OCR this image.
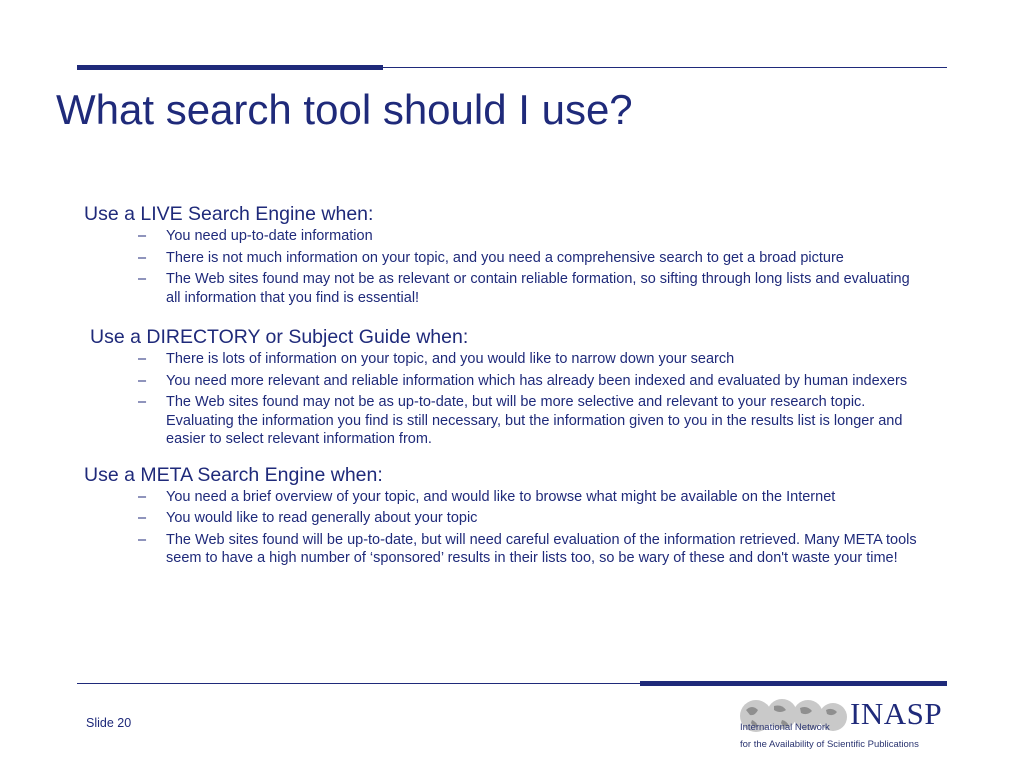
What search tool should I use?

Use a LIVE Search Engine when:

– You need up-to-date information
– There is not much information on your topic, and you need a comprehensive search to get a broad picture
– The Web sites found may not be as relevant or contain reliable formation, so sifting through long lists and evaluating all information that you find is essential!

Use a DIRECTORY or Subject Guide when:

– There is lots of information on your topic, and you would like to narrow down your search
– You need more relevant and reliable information which has already been indexed and evaluated by human indexers
– The Web sites found may not be as up-to-date, but will be more selective and relevant to your research topic. Evaluating the information you find is still necessary, but the information given to you in the results list is longer and easier to select relevant information from.

Use a META Search Engine when:

– You need a brief overview of your topic, and would like to browse what might be available on the Internet
– You would like to read generally about your topic
– The Web sites found will be up-to-date, but will need careful evaluation of the information retrieved. Many META tools seem to have a high number of ‘sponsored’ results in their lists too, so be wary of these and don't waste your time!
Slide 20	INASP
International Network
for the Availability of Scientific Publications
